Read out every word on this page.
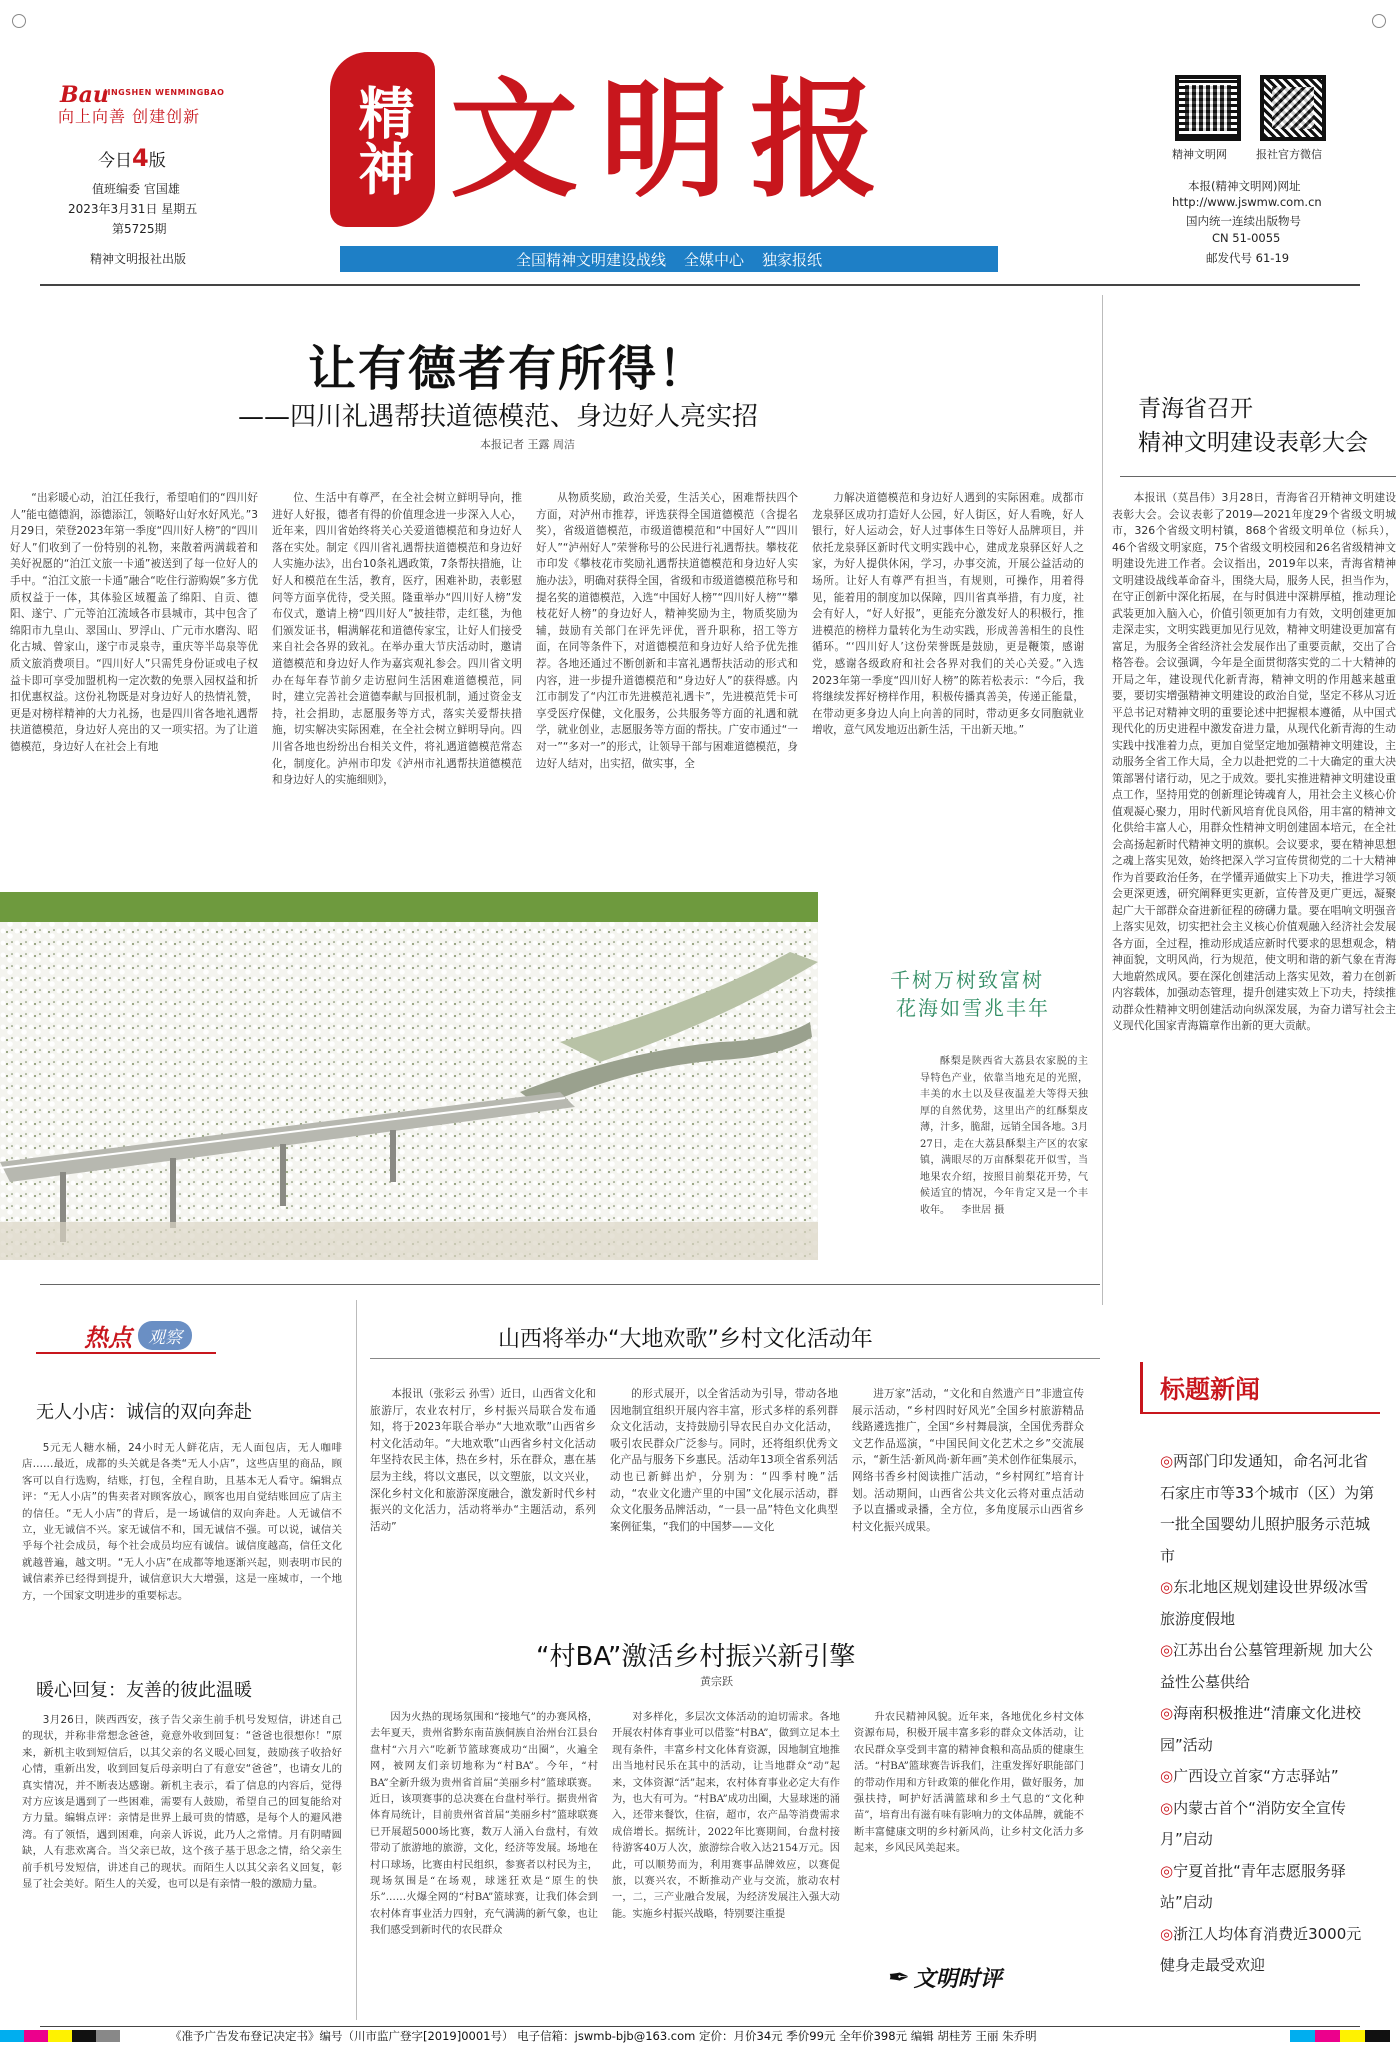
Bau
JINGSHEN WENMINGBAO
向上向善 创建创新
今日4版
值班编委 官国雄
2023年3月31日 星期五
第5725期
精神文明报社出版
精神 文明报
全国精神文明建设战线 全媒中心 独家报纸
精神文明网	报社官方微信
本报(精神文明网)网址
http://www.jswmw.com.cn
国内统一连续出版物号
CN 51-0055
邮发代号 61-19
让有德者有所得！
——四川礼遇帮扶道德模范、身边好人亮实招
本报记者 王露 周洁

“出彩暖心动，泊江任我行，希望咱们的“四川好人”能屯德德润，添德添江，领略好山好水好风光。”3月29日，荣登2023年第一季度“四川好人榜”的“四川好人”们收到了一份特别的礼物，来散着两满载着和美好祝愿的“泊江文旅一卡通”被送到了每一位好人的手中。“泊江文旅一卡通”融合“吃住行游购娱”多方优质权益于一体，其体验区域覆盖了绵阳、自贡、德阳、遂宁、广元等泊江流域各市县城市，其中包含了绵阳市九皇山、翠国山、罗浮山、广元市水磨沟、昭化古城、曾家山，遂宁市灵泉寺，重庆等半岛泉等优质文旅消费项目。“四川好人”只需凭身份证或电子权益卡即可享受加盟机构一定次数的免票入园权益和折扣优惠权益。这份礼物既是对身边好人的热情礼赞，更是对榜样精神的大力礼扬，也是四川省各地礼遇帮扶道德模范，身边好人亮出的又一项实招。为了让道德模范，身边好人在社会上有地

位、生活中有尊严，在全社会树立鲜明导向，推进好人好报，德者有得的价值理念进一步深入人心，近年来，四川省始终将关心关爱道德模范和身边好人落在实处。制定《四川省礼遇帮扶道德模范和身边好人实施办法》，出台10条礼遇政策，7条帮扶措施，让好人和模范在生活，教育，医疗，困难补助，表彰慰问等方面享优待，受关照。隆重举办“四川好人榜”发布仪式，邀请上榜“四川好人”披挂带，走红毯，为他们颁发证书，帽满解花和道德传家宝，让好人们接受来自社会各界的致礼。在举办重大节庆活动时，邀请道德模范和身边好人作为嘉宾观礼参会。四川省文明办在每年春节前夕走访慰问生活困难道德模范，同时，建立完善社会道德奉献与回报机制，通过资金支持，社会捐助，志愿服务等方式，落实关爱帮扶措施，切实解决实际困难，在全社会树立鲜明导向。四川省各地也纷纷出台相关文件，将礼遇道德模范常态化，制度化。泸州市印发《泸州市礼遇帮扶道德模范和身边好人的实施细则》，

从物质奖励，政治关爱，生活关心，困难帮扶四个方面，对泸州市推荐，评选获得全国道德模范（含提名奖），省级道德模范，市级道德模范和“中国好人”“四川好人”“泸州好人”荣誉称号的公民进行礼遇帮扶。攀枝花市印发《攀枝花市奖励礼遇帮扶道德模范和身边好人实施办法》，明确对获得全国，省级和市级道德模范称号和提名奖的道德模范，入选“中国好人榜”“四川好人榜”“攀枝花好人榜”的身边好人，精神奖励为主，物质奖励为辅，鼓励有关部门在评先评优，晋升职称，招工等方面，在同等条件下，对道德模范和身边好人给予优先推荐。各地还通过不断创新和丰富礼遇帮扶活动的形式和内容，进一步提升道德模范和“身边好人”的获得感。内江市制发了“内江市先进模范礼遇卡”，先进模范凭卡可享受医疗保健，文化服务，公共服务等方面的礼遇和就学，就业创业，志愿服务等方面的帮扶。广安市通过“一对一”“多对一”的形式，让领导干部与困难道德模范，身边好人结对，出实招，做实事，全

力解决道德模范和身边好人遇到的实际困难。成都市龙泉驿区成功打造好人公园，好人街区，好人看晚，好人银行，好人运动会，好人过事体生日等好人品牌项目，并依托龙泉驿区新时代文明实践中心，建成龙泉驿区好人之家，为好人提供休闲，学习，办事交流，开展公益活动的场所。让好人有尊严有担当，有规则，可操作，用着得见，能着用的制度加以保障，四川省真举措，有力度，社会有好人，“好人好报”，更能充分激发好人的积极行，推进模范的榜样力量转化为生动实践，形成善善相生的良性循环。“‘四川好人’这份荣誉既是鼓励，更是鞭策，感谢党，感谢各级政府和社会各界对我们的关心关爱。”入选2023年第一季度“四川好人榜”的陈若松表示：“今后，我将继续发挥好榜样作用，积极传播真善美，传递正能量，在带动更多身边人向上向善的同时，带动更多女同胞就业增收，意气风发地迈出新生活，干出新天地。”

青海省召开
精神文明建设表彰大会

本报讯（莫昌伟）3月28日，青海省召开精神文明建设表彰大会。会议表彰了2019—2021年度29个省级文明城市，326个省级文明村镇，868个省级文明单位（标兵），46个省级文明家庭，75个省级文明校园和26名省级精神文明建设先进工作者。会议指出，2019年以来，青海省精神文明建设战线革命奋斗，围绕大局，服务人民，担当作为，在守正创新中深化拓展，在与时俱进中深耕厚植，推动理论武装更加入脑入心，价值引领更加有力有效，文明创建更加走深走实，文明实践更加见行见效，精神文明建设更加富有富足，为服务全省经济社会发展作出了重要贡献，交出了合格答卷。会议强调，今年是全面贯彻落实党的二十大精神的开局之年，建设现代化新青海，精神文明的作用越来越重要，要切实增强精神文明建设的政治自觉，坚定不移从习近平总书记对精神文明的重要论述中把握根本遵循，从中国式现代化的历史进程中激发奋进力量，从现代化新青海的生动实践中找准着力点，更加自觉坚定地加强精神文明建设，主动服务全省工作大局，全力以赴把党的二十大确定的重大决策部署付诸行动，见之于成效。要扎实推进精神文明建设重点工作，坚持用党的创新理论铸魂育人，用社会主义核心价值观凝心聚力，用时代新风培育优良风俗，用丰富的精神文化供给丰富人心，用群众性精神文明创建固本培元，在全社会高扬起新时代精神文明的旗帜。会议要求，要在精神思想之魂上落实见效，始终把深入学习宣传贯彻党的二十大精神作为首要政治任务，在学懂弄通做实上下功夫，推进学习领会更深更透，研究阐释更实更新，宣传普及更广更远，凝聚起广大干部群众奋进新征程的磅礴力量。要在唱响文明强音上落实见效，切实把社会主义核心价值观融入经济社会发展各方面，全过程，推动形成适应新时代要求的思想观念，精神面貌，文明风尚，行为规范，使文明和谐的新气象在青海大地蔚然成风。要在深化创建活动上落实见效，着力在创新内容载体，加强动态管理，提升创建实效上下功夫，持续推动群众性精神文明创建活动向纵深发展，为奋力谱写社会主义现代化国家青海篇章作出新的更大贡献。

千树万树致富树
花海如雪兆丰年

酥梨是陕西省大荔县农家脱的主导特色产业，依靠当地充足的光照，丰美的水土以及昼夜温差大等得天独厚的自然优势，这里出产的红酥梨皮薄，汁多，脆甜，远销全国各地。3月27日，走在大荔县酥梨主产区的农家镇，满眼尽的万亩酥梨花开似雪，当地果农介绍，按照目前梨花开势，气候适宜的情况，今年肯定又是一个丰收年。 李世居 摄

热点 观察
无人小店：诚信的双向奔赴

5元无人糖水桶，24小时无人鲜花店，无人面包店，无人咖啡店……最近，成都的头关就是各类“无人小店”，这些店里的商品，顾客可以自行选购，结账，打包，全程自助，且基本无人看守。编辑点评：“无人小店”的售卖者对顾客放心，顾客也用自觉结账回应了店主的信任。“无人小店”的背后，是一场诚信的双向奔赴。人无诚信不立，业无诚信不兴。家无诚信不和，国无诚信不强。可以说，诚信关乎每个社会成员，每个社会成员均应有诚信。诚信度越高，信任文化就越普遍，越文明。“无人小店”在成都等地逐渐兴起，则表明市民的诚信素养已经得到提升，诚信意识大大增强，这是一座城市，一个地方，一个国家文明进步的重要标志。

暖心回复：友善的彼此温暖

3月26日，陕西西安，孩子告父亲生前手机号发短信，讲述自己的现状，并称非常想念爸爸，竟意外收到回复：“爸爸也很想你！”原来，新机主收到短信后，以其父亲的名义暖心回复，鼓励孩子收拾好心情，重新出发，收到回复后母亲明白了有意安“爸爸”，也请女儿的真实情况，并不断表达感谢。新机主表示，看了信息的内容后，觉得对方应该是遇到了一些困难，需要有人鼓励，希望自己的回复能给对方力量。编辑点评：亲情是世界上最可贵的情感，是每个人的避风港湾。有了领悟，遇到困难，向亲人诉说，此乃人之常情。月有阴晴圆缺，人有悲欢离合。当父亲已故，这个孩子基于思念之情，给父亲生前手机号发短信，讲述自己的现状。而陌生人以其父亲名义回复，彰显了社会美好。陌生人的关爱，也可以是有亲情一般的激励力量。

山西将举办“大地欢歌”乡村文化活动年

本报讯（张彩云 孙雪）近日，山西省文化和旅游厅，农业农村厅，乡村振兴局联合发布通知，将于2023年联合举办“大地欢歌”山西省乡村文化活动年。“大地欢歌”山西省乡村文化活动年坚持农民主体，热在乡村，乐在群众，惠在基层为主线，将以文惠民，以文塑旅，以文兴业，深化乡村文化和旅游深度融合，激发新时代乡村振兴的文化活力，活动将举办“主题活动，系列活动”

的形式展开，以全省活动为引导，带动各地因地制宜组织开展内容丰富，形式多样的系列群众文化活动，支持鼓励引导农民自办文化活动，吸引农民群众广泛参与。同时，还将组织优秀文化产品与服务下乡惠民。活动年13项全省系列活动也已新鲜出炉，分别为：“四季村晚”活动，“农业文化遗产里的中国”文化展示活动，群众文化服务品牌活动，“一县一品”特色文化典型案例征集，“我们的中国梦——文化

进万家”活动，“文化和自然遗产日”非遗宣传展示活动，“乡村四时好风光”全国乡村旅游精品线路遴选推广，全国“乡村舞晨演，全国优秀群众文艺作品巡演，“中国民间文化艺术之乡”交流展示，“新生活·新风尚·新年画”美术创作征集展示，网络书香乡村阅读推广活动，“乡村网红”培育计划。活动期间，山西省公共文化云将对重点活动予以直播或录播，全方位，多角度展示山西省乡村文化振兴成果。

“村BA”激活乡村振兴新引擎
黄宗跃

因为火热的现场氛围和“接地气”的办赛风格，去年夏天，贵州省黔东南苗族侗族自治州台江县台盘村“六月六”吃新节篮球赛成功“出圈”，火遍全网，被网友们亲切地称为“村BA”。今年，“村BA”全新升级为贵州省首届“美丽乡村”篮球联赛。近日，该项赛事的总决赛在台盘村举行。据贵州省体育局统计，目前贵州省首届“美丽乡村”篮球联赛已开展超5000场比赛，数万人涌入台盘村，有效带动了旅游地的旅游，文化，经济等发展。场地在村口球场，比赛由村民组织，参赛者以村民为主，现场氛围是“在场观，球迷狂欢是“原生的快乐”……火爆全网的“村BA”篮球赛，让我们体会到农村体育事业活力四射，充气满满的新气象，也让我们感受到新时代的农民群众

对多样化，多层次文体活动的迫切需求。各地开展农村体育事业可以借鉴“村BA”，做到立足本土现有条件，丰富乡村文化体育资源，因地制宜地推出当地村民乐在其中的活动，让当地群众“动”起来，文体资源“活”起来，农村体育事业必定大有作为，也大有可为。“村BA”成功出圈，大显球迷的涌入，还带来餐饮，住宿，超市，农产品等消费需求成倍增长。据统计，2022年比赛期间，台盘村接待游客40万人次，旅游综合收入达2154万元。因此，可以顺势而为，利用赛事品牌效应，以赛促旅，以赛兴农，不断推动产业与交流，旅动农村一，二，三产业融合发展，为经济发展注入强大动能。实施乡村振兴战略，特别要注重提

升农民精神风貌。近年来，各地优化乡村文体资源布局，积极开展丰富多彩的群众文体活动，让农民群众享受到丰富的精神食粮和高品质的健康生活。“村BA”篮球赛告诉我们，注重发挥好职能部门的带动作用和方针政策的催化作用，做好服务，加强扶持，呵护好活满篮球和乡土气息的“文化种苗”，培育出有滋有味有影响力的文体品牌，就能不断丰富健康文明的乡村新风尚，让乡村文化活力多起来，乡风民风美起来。

✒ 文明时评
标题新闻
◎两部门印发通知，命名河北省石家庄市等33个城市（区）为第一批全国婴幼儿照护服务示范城市
◎东北地区规划建设世界级冰雪旅游度假地
◎江苏出台公墓管理新规 加大公益性公墓供给
◎海南积极推进“清廉文化进校园”活动
◎广西设立首家“方志驿站”
◎内蒙古首个“消防安全宣传月”启动
◎宁夏首批“青年志愿服务驿站”启动
◎浙江人均体育消费近3000元 健身走最受欢迎
《准予广告发布登记决定书》编号（川市监广登字[2019]0001号） 电子信箱：jswmb-bjb@163.com 定价：月价34元 季价99元 全年价398元 编辑 胡桂芳 王丽 朱乔明
